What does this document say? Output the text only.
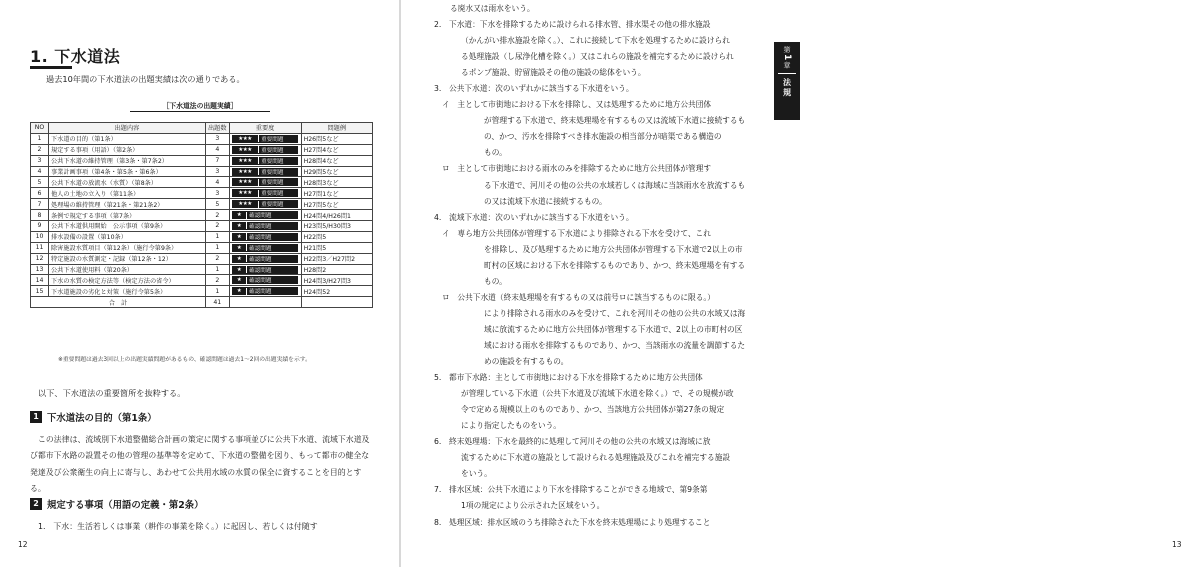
1. 下水道法
過去10年間の下水道法の出題実績は次の通りである。
［下水道法の出題実績］
NO	出題内容	出題数	重要度	問題例
1	下水道の目的（第1条）	3	★★★ 重要問題	H26問5など
2	規定する事項（用語）（第2条）	4	★★★ 重要問題	H27問4など
3	公共下水道の維持管理（第3条・第7条2）	7	★★★ 重要問題	H28問4など
4	事業計画事項（第4条・第5条・第6条）	3	★★★ 重要問題	H29問5など
5	公共下水道の放流水（水質）（第8条）	4	★★★ 重要問題	H28問3など
6	他人の土地の立入り（第11条）	3	★★★ 重要問題	H27問1など
7	処理場の維持管理（第21条・第21条2）	5	★★★ 重要問題	H27問5など
8	条例で規定する事項（第7条）	2	★ 確認問題	H24問4/H26問1
9	公共下水道供用開始　公示事項（第9条）	2	★ 確認問題	H23問5/H30問3
10	排水設備の設置（第10条）	1	★ 確認問題	H22問5
11	除害施設水質項目（第12条）（施行令第9条）	1	★ 確認問題	H21問5
12	特定施設の水質測定・記録（第12条・12）	2	★ 確認問題	H22問3／H27問2
13	公共下水道使用料（第20条）	1	★ 確認問題	H28問2
14	下水の水質の検定方法等（検定方法の省令）	2	★ 確認問題	H24問3/H27問3
15	下水道施設の劣化と対策（施行令第5条）	1	★ 確認問題	H24問52
合　計		41		
※重要問題は過去3回以上の出題実績問題があるもの、確認問題は過去1〜2回の出題実績を示す。
以下、下水道法の重要箇所を抜粋する。
1 下水道法の目的（第1条）
この法律は、流域別下水道整備総合計画の策定に関する事項並びに公共下水道、流域下水道及び都市下水路の設置その他の管理の基準等を定めて、下水道の整備を図り、もって都市の健全な発達及び公衆衛生の向上に寄与し、あわせて公共用水域の水質の保全に資することを目的とする。
2 規定する事項（用語の定義・第2条）
1.　下水：生活若しくは事業（耕作の事業を除く。）に起因し、若しくは付随す
12
る廃水又は雨水をいう。
2.　下水道：下水を排除するために設けられる排水管、排水渠その他の排水施設
（かんがい排水施設を除く。）、これに接続して下水を処理するために設けられ
る処理施設（し尿浄化槽を除く。）又はこれらの施設を補完するために設けられ
るポンプ施設、貯留施設その他の施設の総体をいう。
3.　公共下水道：次のいずれかに該当する下水道をいう。
イ　主として市街地における下水を排除し、又は処理するために地方公共団体
が管理する下水道で、終末処理場を有するもの又は流域下水道に接続するも
の、かつ、汚水を排除すべき排水施設の相当部分が暗渠である構造の
もの。
ロ　主として市街地における雨水のみを排除するために地方公共団体が管理す
る下水道で、河川その他の公共の水域若しくは海域に当該雨水を放流するも
の又は流域下水道に接続するもの。
4.　流域下水道：次のいずれかに該当する下水道をいう。
イ　専ら地方公共団体が管理する下水道により排除される下水を受けて、これ
を排除し、及び処理するために地方公共団体が管理する下水道で2以上の市
町村の区域における下水を排除するものであり、かつ、終末処理場を有する
もの。
ロ　公共下水道（終末処理場を有するもの又は前号ロに該当するものに限る。）
により排除される雨水のみを受けて、これを河川その他の公共の水域又は海
域に放流するために地方公共団体が管理する下水道で、2以上の市町村の区
域における雨水を排除するものであり、かつ、当該雨水の流量を調節するた
めの施設を有するもの。
5.　都市下水路：主として市街地における下水を排除するために地方公共団体
が管理している下水道（公共下水道及び流域下水道を除く。）で、その規模が政
令で定める規模以上のものであり、かつ、当該地方公共団体が第27条の規定
により指定したものをいう。
6.　終末処理場：下水を最終的に処理して河川その他の公共の水域又は海域に放
流するために下水道の施設として設けられる処理施設及びこれを補完する施設
をいう。
7.　排水区域：公共下水道により下水を排除することができる地域で、第9条第
1項の規定により公示された区域をいう。
8.　処理区域：排水区域のうち排除された下水を終末処理場により処理すること
第1章
法規
13
